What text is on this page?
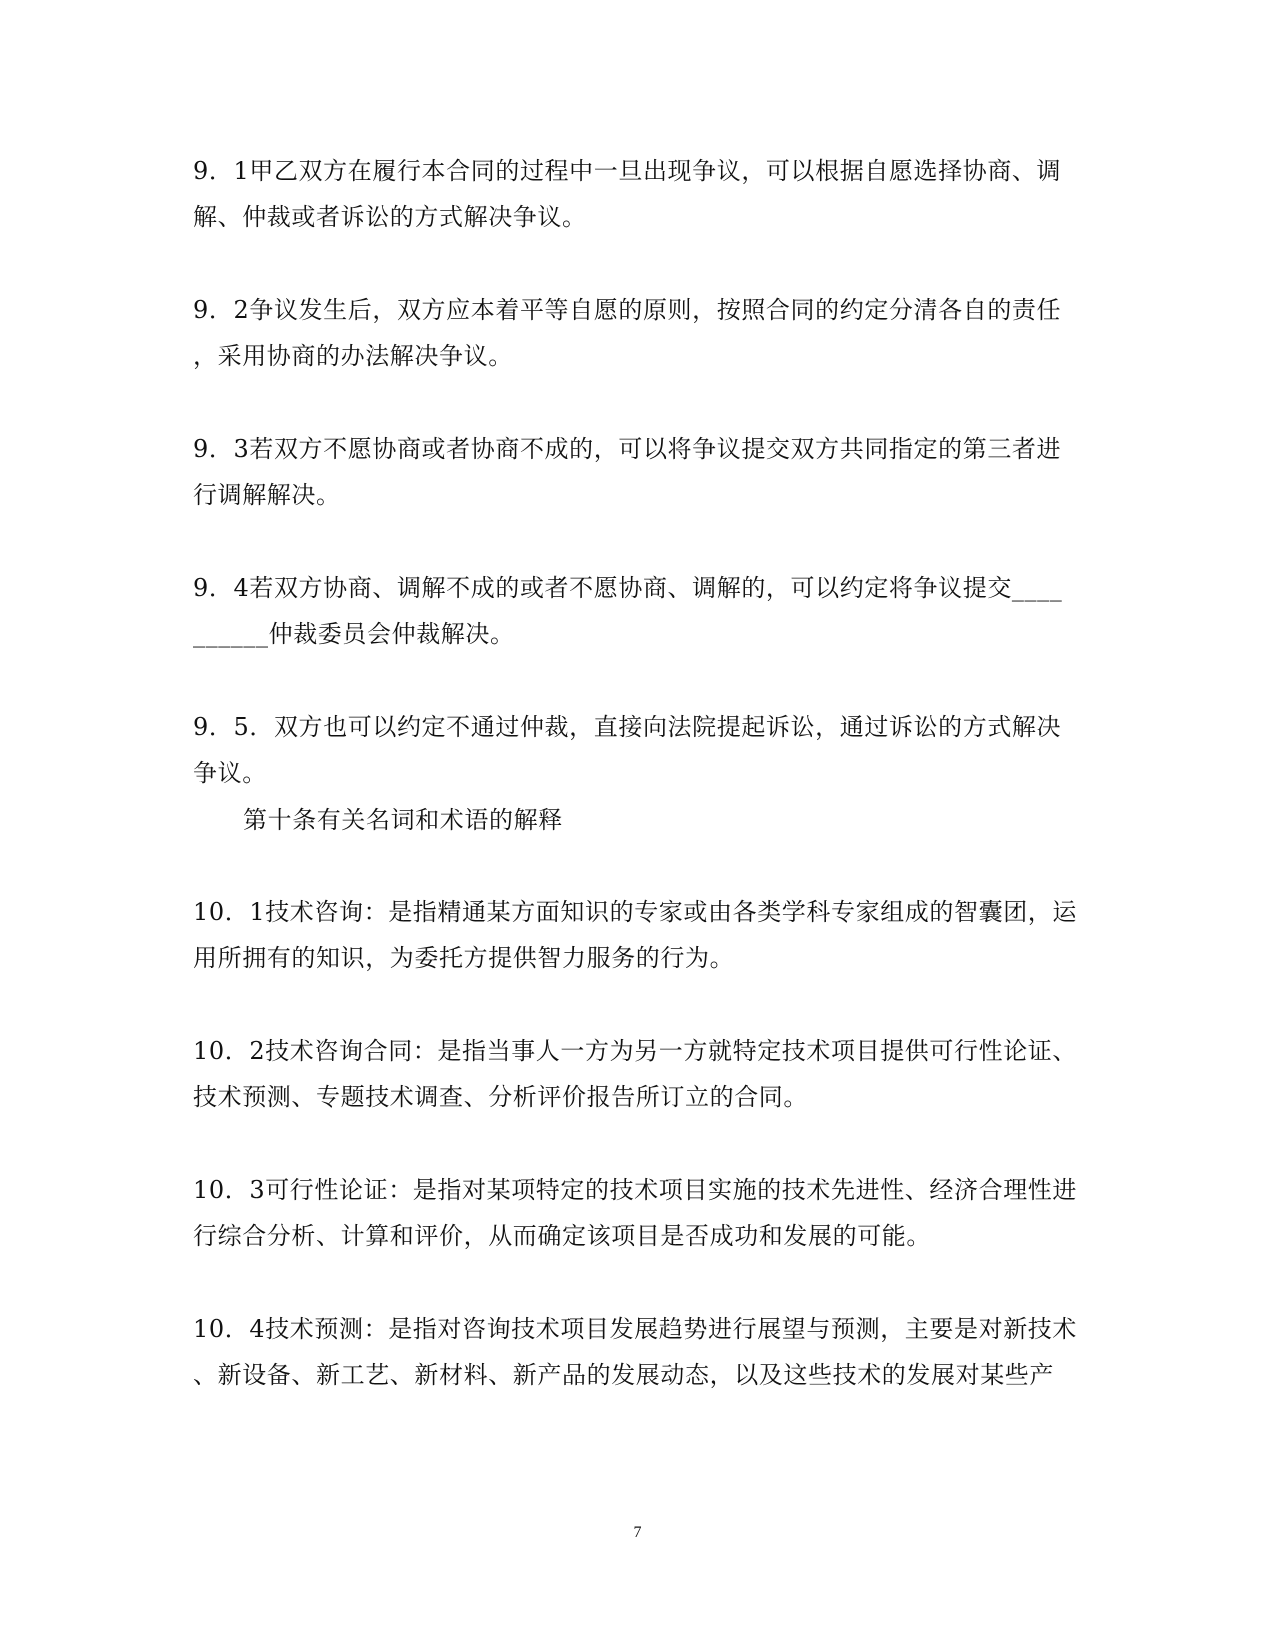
9．1甲乙双方在履行本合同的过程中一旦出现争议，可以根据自愿选择协商、调
解、仲裁或者诉讼的方式解决争议。
9．2争议发生后，双方应本着平等自愿的原则，按照合同的约定分清各自的责任
，采用协商的办法解决争议。
9．3若双方不愿协商或者协商不成的，可以将争议提交双方共同指定的第三者进
行调解解决。
9．4若双方协商、调解不成的或者不愿协商、调解的，可以约定将争议提交____
______仲裁委员会仲裁解决。
9．5．双方也可以约定不通过仲裁，直接向法院提起诉讼，通过诉讼的方式解决
争议。
第十条有关名词和术语的解释
10．1技术咨询：是指精通某方面知识的专家或由各类学科专家组成的智囊团，运
用所拥有的知识，为委托方提供智力服务的行为。
10．2技术咨询合同：是指当事人一方为另一方就特定技术项目提供可行性论证、
技术预测、专题技术调查、分析评价报告所订立的合同。
10．3可行性论证：是指对某项特定的技术项目实施的技术先进性、经济合理性进
行综合分析、计算和评价，从而确定该项目是否成功和发展的可能。
10．4技术预测：是指对咨询技术项目发展趋势进行展望与预测，主要是对新技术
、新设备、新工艺、新材料、新产品的发展动态，以及这些技术的发展对某些产
7
